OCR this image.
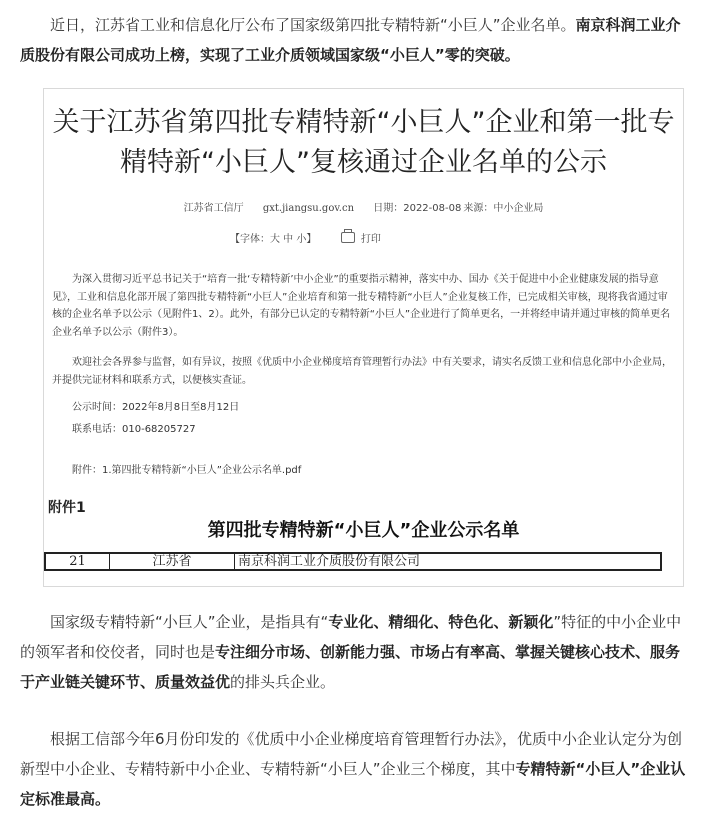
近日，江苏省工业和信息化厅公布了国家级第四批专精特新“小巨人”企业名单。南京科润工业介质股份有限公司成功上榜，实现了工业介质领域国家级“小巨人”零的突破。

关于江苏省第四批专精特新“小巨人”企业和第一批专精特新“小巨人”复核通过企业名单的公示
江苏省工信厅 gxt.jiangsu.gov.cn 日期：2022-08-08 来源：中小企业局
【字体：大 中 小】	打印

为深入贯彻习近平总书记关于“培育一批‘专精特新’中小企业”的重要指示精神，落实中办、国办《关于促进中小企业健康发展的指导意见》，工业和信息化部开展了第四批专精特新“小巨人”企业培育和第一批专精特新“小巨人”企业复核工作，已完成相关审核，现将我省通过审核的企业名单予以公示（见附件1、2）。此外，有部分已认定的专精特新“小巨人”企业进行了简单更名，一并将经申请并通过审核的简单更名企业名单予以公示（附件3）。

欢迎社会各界参与监督，如有异议，按照《优质中小企业梯度培育管理暂行办法》中有关要求，请实名反馈工业和信息化部中小企业局，并提供完证材料和联系方式，以便核实查证。

公示时间：2022年8月8日至8月12日
联系电话：010-68205727
附件：1.第四批专精特新“小巨人”企业公示名单.pdf
附件1
第四批专精特新“小巨人”企业公示名单
21	江苏省	南京科润工业介质股份有限公司

国家级专精特新“小巨人”企业，是指具有“专业化、精细化、特色化、新颖化”特征的中小企业中的领军者和佼佼者，同时也是专注细分市场、创新能力强、市场占有率高、掌握关键核心技术、服务于产业链关键环节、质量效益优的排头兵企业。

根据工信部今年6月份印发的《优质中小企业梯度培育管理暂行办法》，优质中小企业认定分为创新型中小企业、专精特新中小企业、专精特新“小巨人”企业三个梯度，其中专精特新“小巨人”企业认定标准最高。
